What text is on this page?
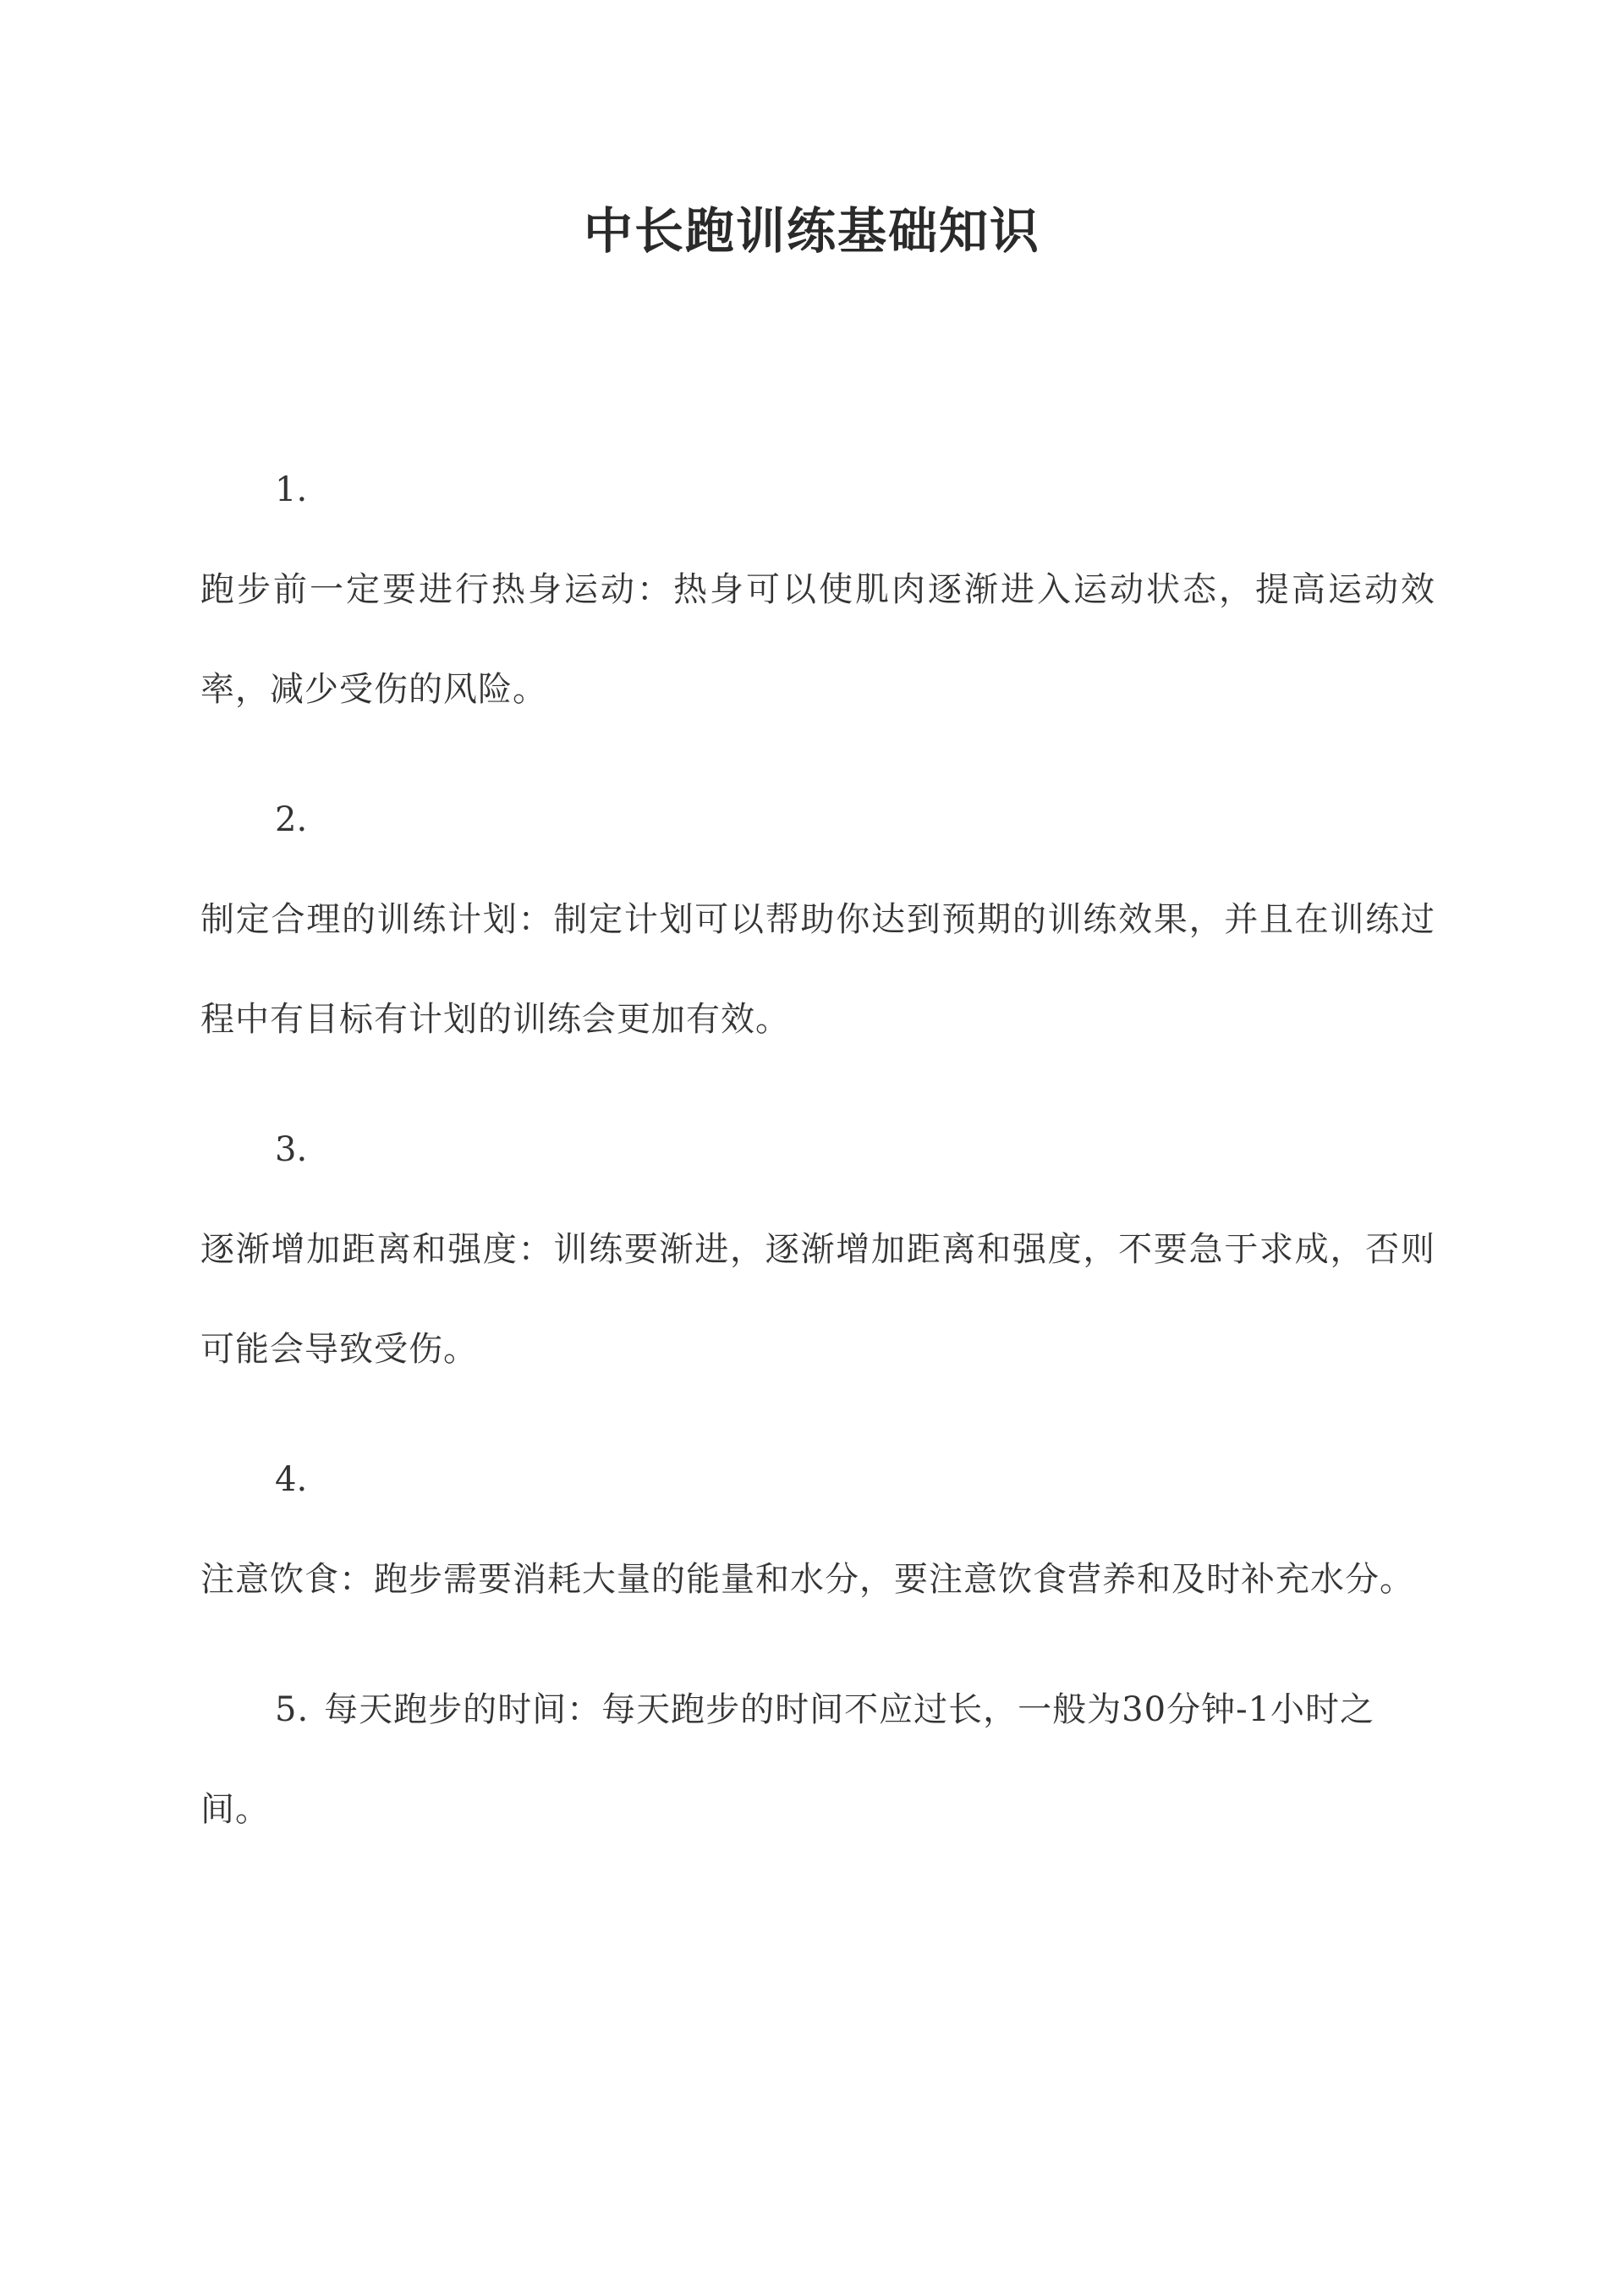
中长跑训练基础知识
1.
跑步前一定要进行热身运动：热身可以使肌肉逐渐进入运动状态，提高运动效率，减少受伤的风险。
2.
制定合理的训练计划：制定计划可以帮助你达到预期的训练效果，并且在训练过程中有目标有计划的训练会更加有效。
3.
逐渐增加距离和强度：训练要渐进，逐渐增加距离和强度，不要急于求成，否则可能会导致受伤。
4.
注意饮食：跑步需要消耗大量的能量和水分，要注意饮食营养和及时补充水分。
5. 每天跑步的时间：每天跑步的时间不应过长，一般为30分钟-1小时之间。
